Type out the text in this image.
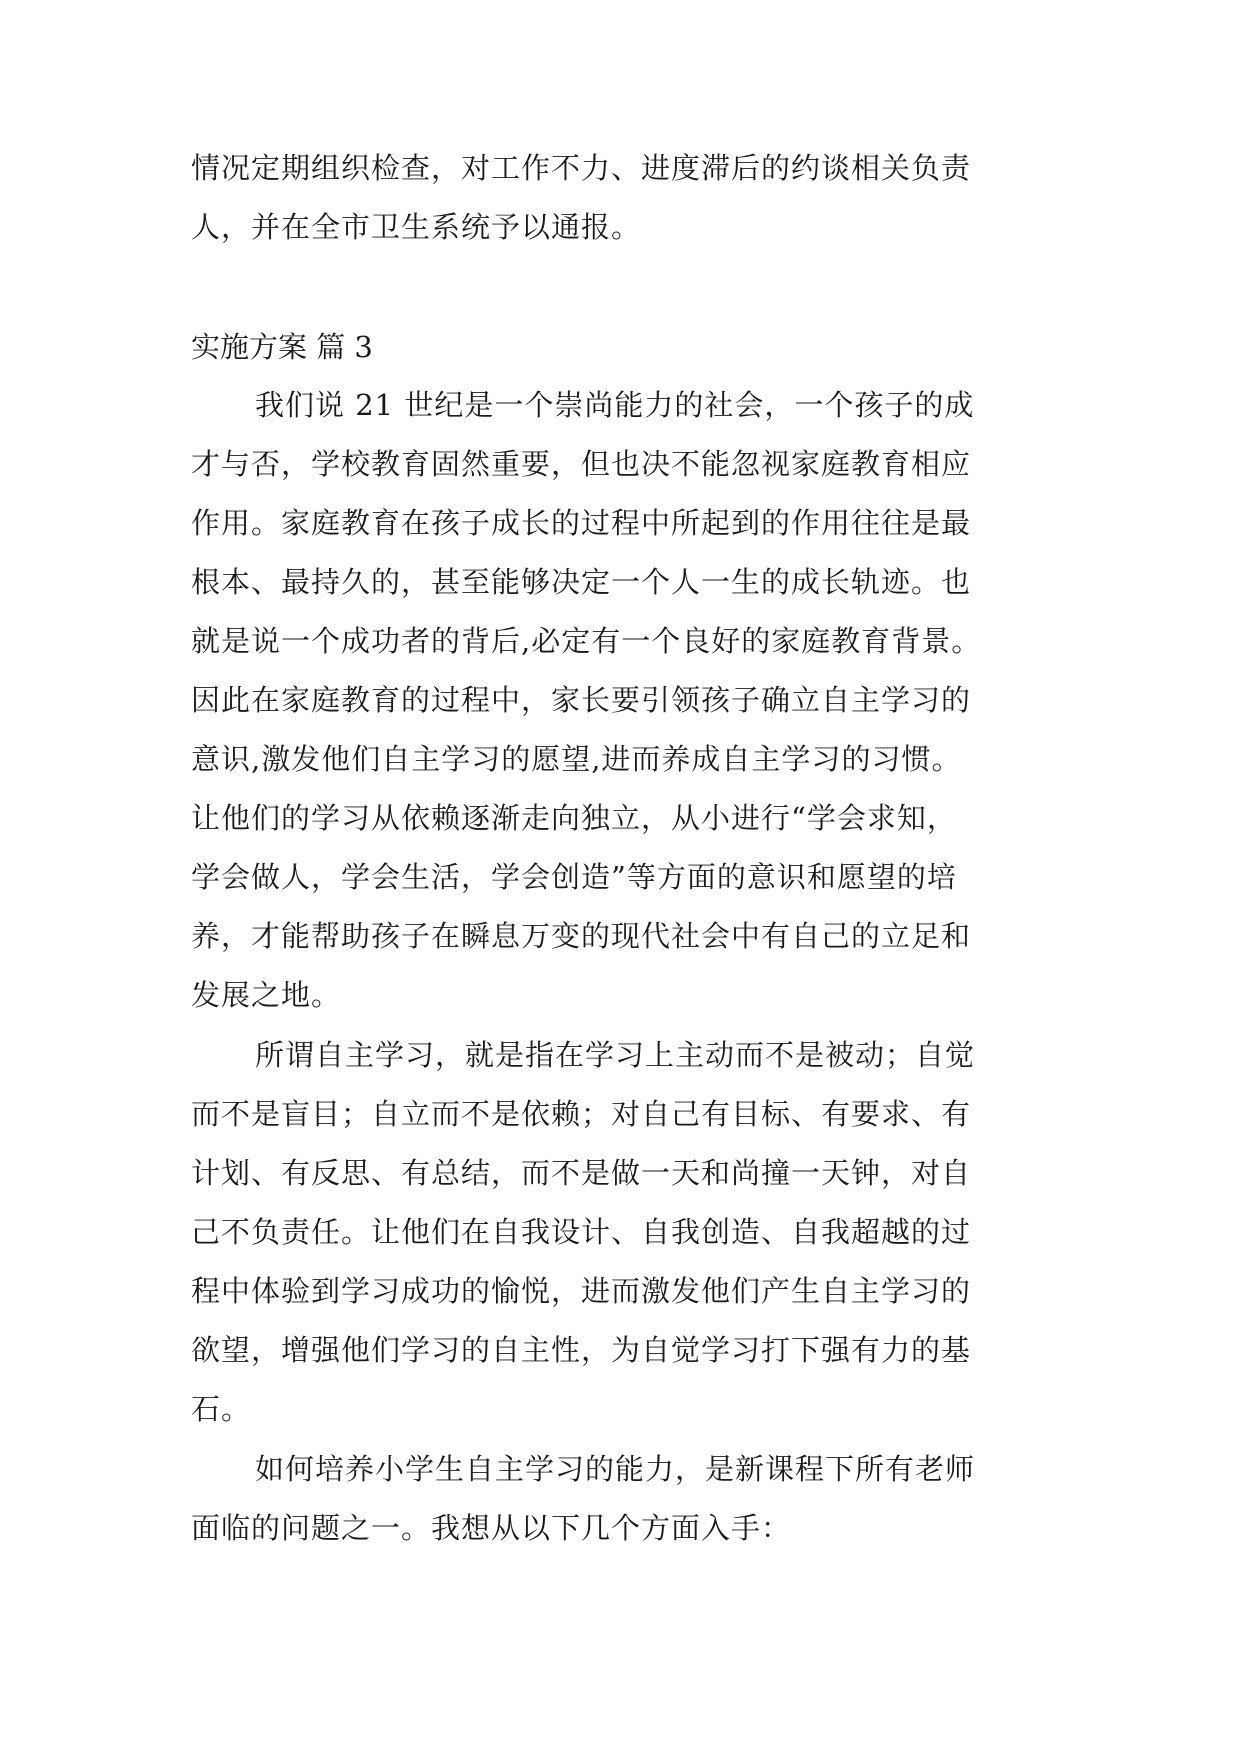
情况定期组织检查，对工作不力、进度滞后的约谈相关负责

人，并在全市卫生系统予以通报。

实施方案 篇 3

我们说 21 世纪是一个崇尚能力的社会，一个孩子的成

才与否，学校教育固然重要，但也决不能忽视家庭教育相应

作用。家庭教育在孩子成长的过程中所起到的作用往往是最

根本、最持久的，甚至能够决定一个人一生的成长轨迹。也

就是说一个成功者的背后,必定有一个良好的家庭教育背景。

因此在家庭教育的过程中，家长要引领孩子确立自主学习的

意识,激发他们自主学习的愿望,进而养成自主学习的习惯。

让他们的学习从依赖逐渐走向独立，从小进行“学会求知，

学会做人，学会生活，学会创造”等方面的意识和愿望的培

养，才能帮助孩子在瞬息万变的现代社会中有自己的立足和

发展之地。

所谓自主学习，就是指在学习上主动而不是被动；自觉

而不是盲目；自立而不是依赖；对自己有目标、有要求、有

计划、有反思、有总结，而不是做一天和尚撞一天钟，对自

己不负责任。让他们在自我设计、自我创造、自我超越的过

程中体验到学习成功的愉悦，进而激发他们产生自主学习的

欲望，增强他们学习的自主性，为自觉学习打下强有力的基

石。

如何培养小学生自主学习的能力，是新课程下所有老师

面临的问题之一。我想从以下几个方面入手：
